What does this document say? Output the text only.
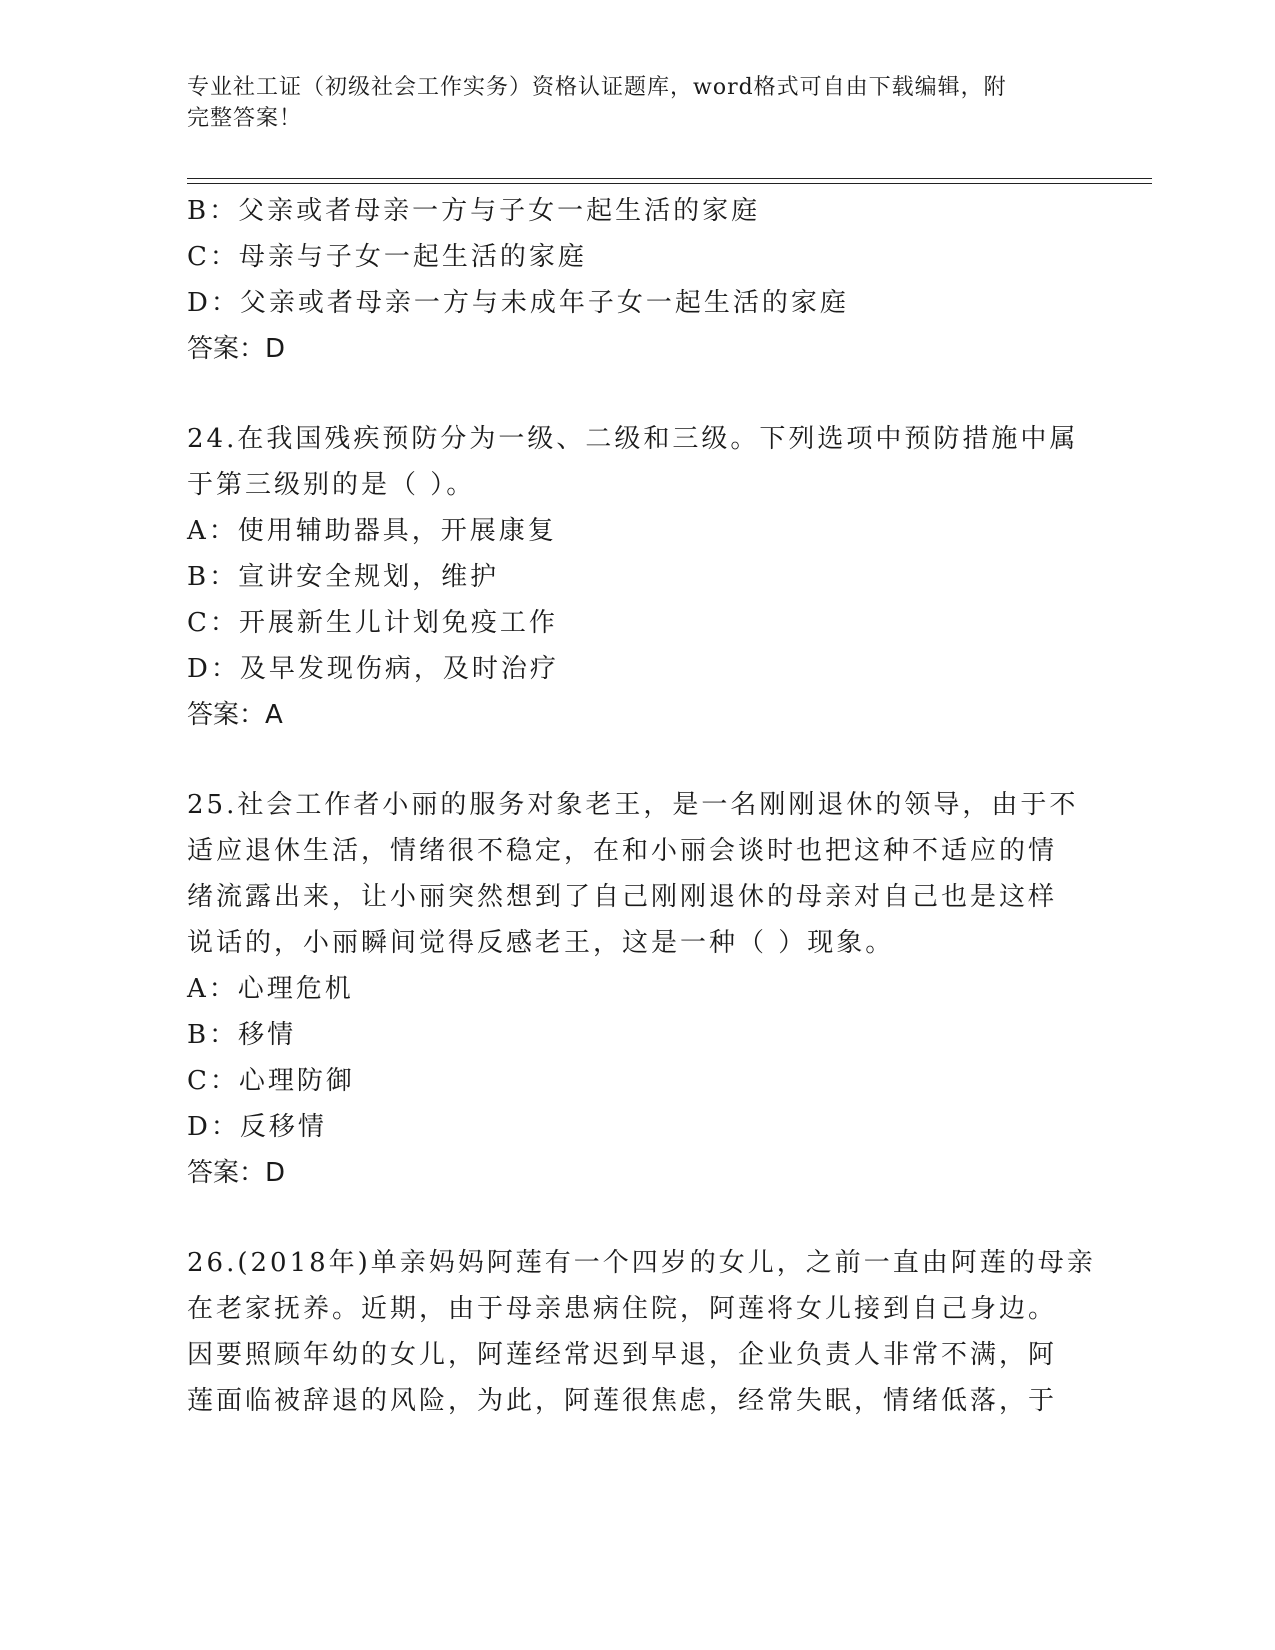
专业社工证（初级社会工作实务）资格认证题库，word格式可自由下载编辑，附
完整答案！

B：父亲或者母亲一方与子女一起生活的家庭

C：母亲与子女一起生活的家庭

D：父亲或者母亲一方与未成年子女一起生活的家庭

答案：D

24.在我国残疾预防分为一级、二级和三级。下列选项中预防措施中属

于第三级别的是（ ）。

A：使用辅助器具，开展康复

B：宣讲安全规划，维护

C：开展新生儿计划免疫工作

D：及早发现伤病，及时治疗

答案：A

25.社会工作者小丽的服务对象老王，是一名刚刚退休的领导，由于不

适应退休生活，情绪很不稳定，在和小丽会谈时也把这种不适应的情

绪流露出来，让小丽突然想到了自己刚刚退休的母亲对自己也是这样

说话的，小丽瞬间觉得反感老王，这是一种（ ）现象。

A：心理危机

B：移情

C：心理防御

D：反移情

答案：D

26.(2018年)单亲妈妈阿莲有一个四岁的女儿，之前一直由阿莲的母亲

在老家抚养。近期，由于母亲患病住院，阿莲将女儿接到自己身边。

因要照顾年幼的女儿，阿莲经常迟到早退，企业负责人非常不满，阿

莲面临被辞退的风险，为此，阿莲很焦虑，经常失眠，情绪低落，于
